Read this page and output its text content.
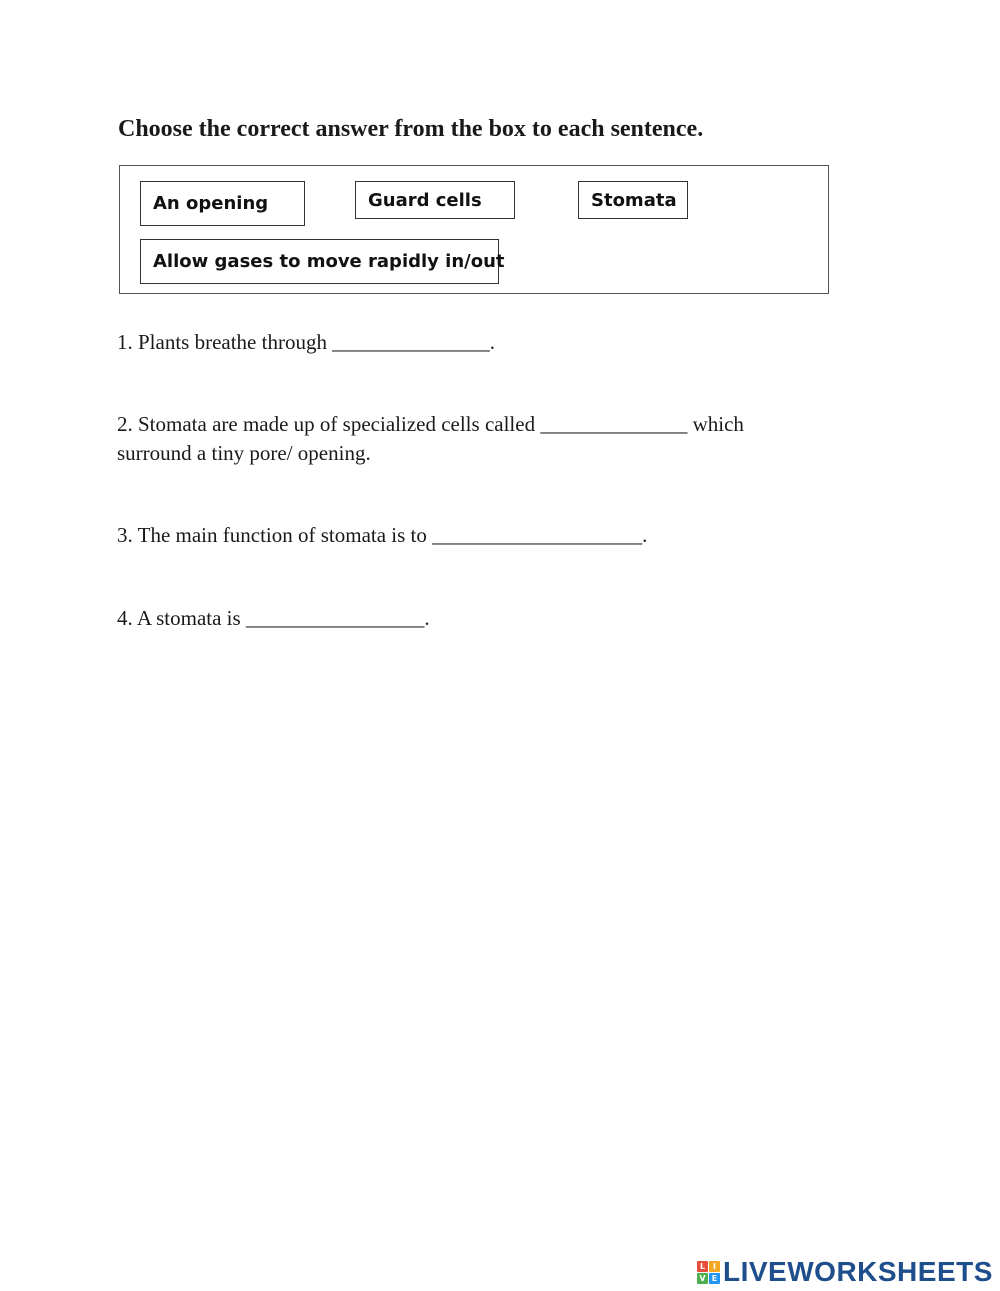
Choose the correct answer from the box to each sentence.
An opening	Guard cells	Stomata
Allow gases to move rapidly in/out
1. Plants breathe through _______________.
2. Stomata are made up of specialized cells called ______________ which
surround a tiny pore/ opening.
3. The main function of stomata is to ____________________.
4. A stomata is _________________.
L I
V E LIVEWORKSHEETS
